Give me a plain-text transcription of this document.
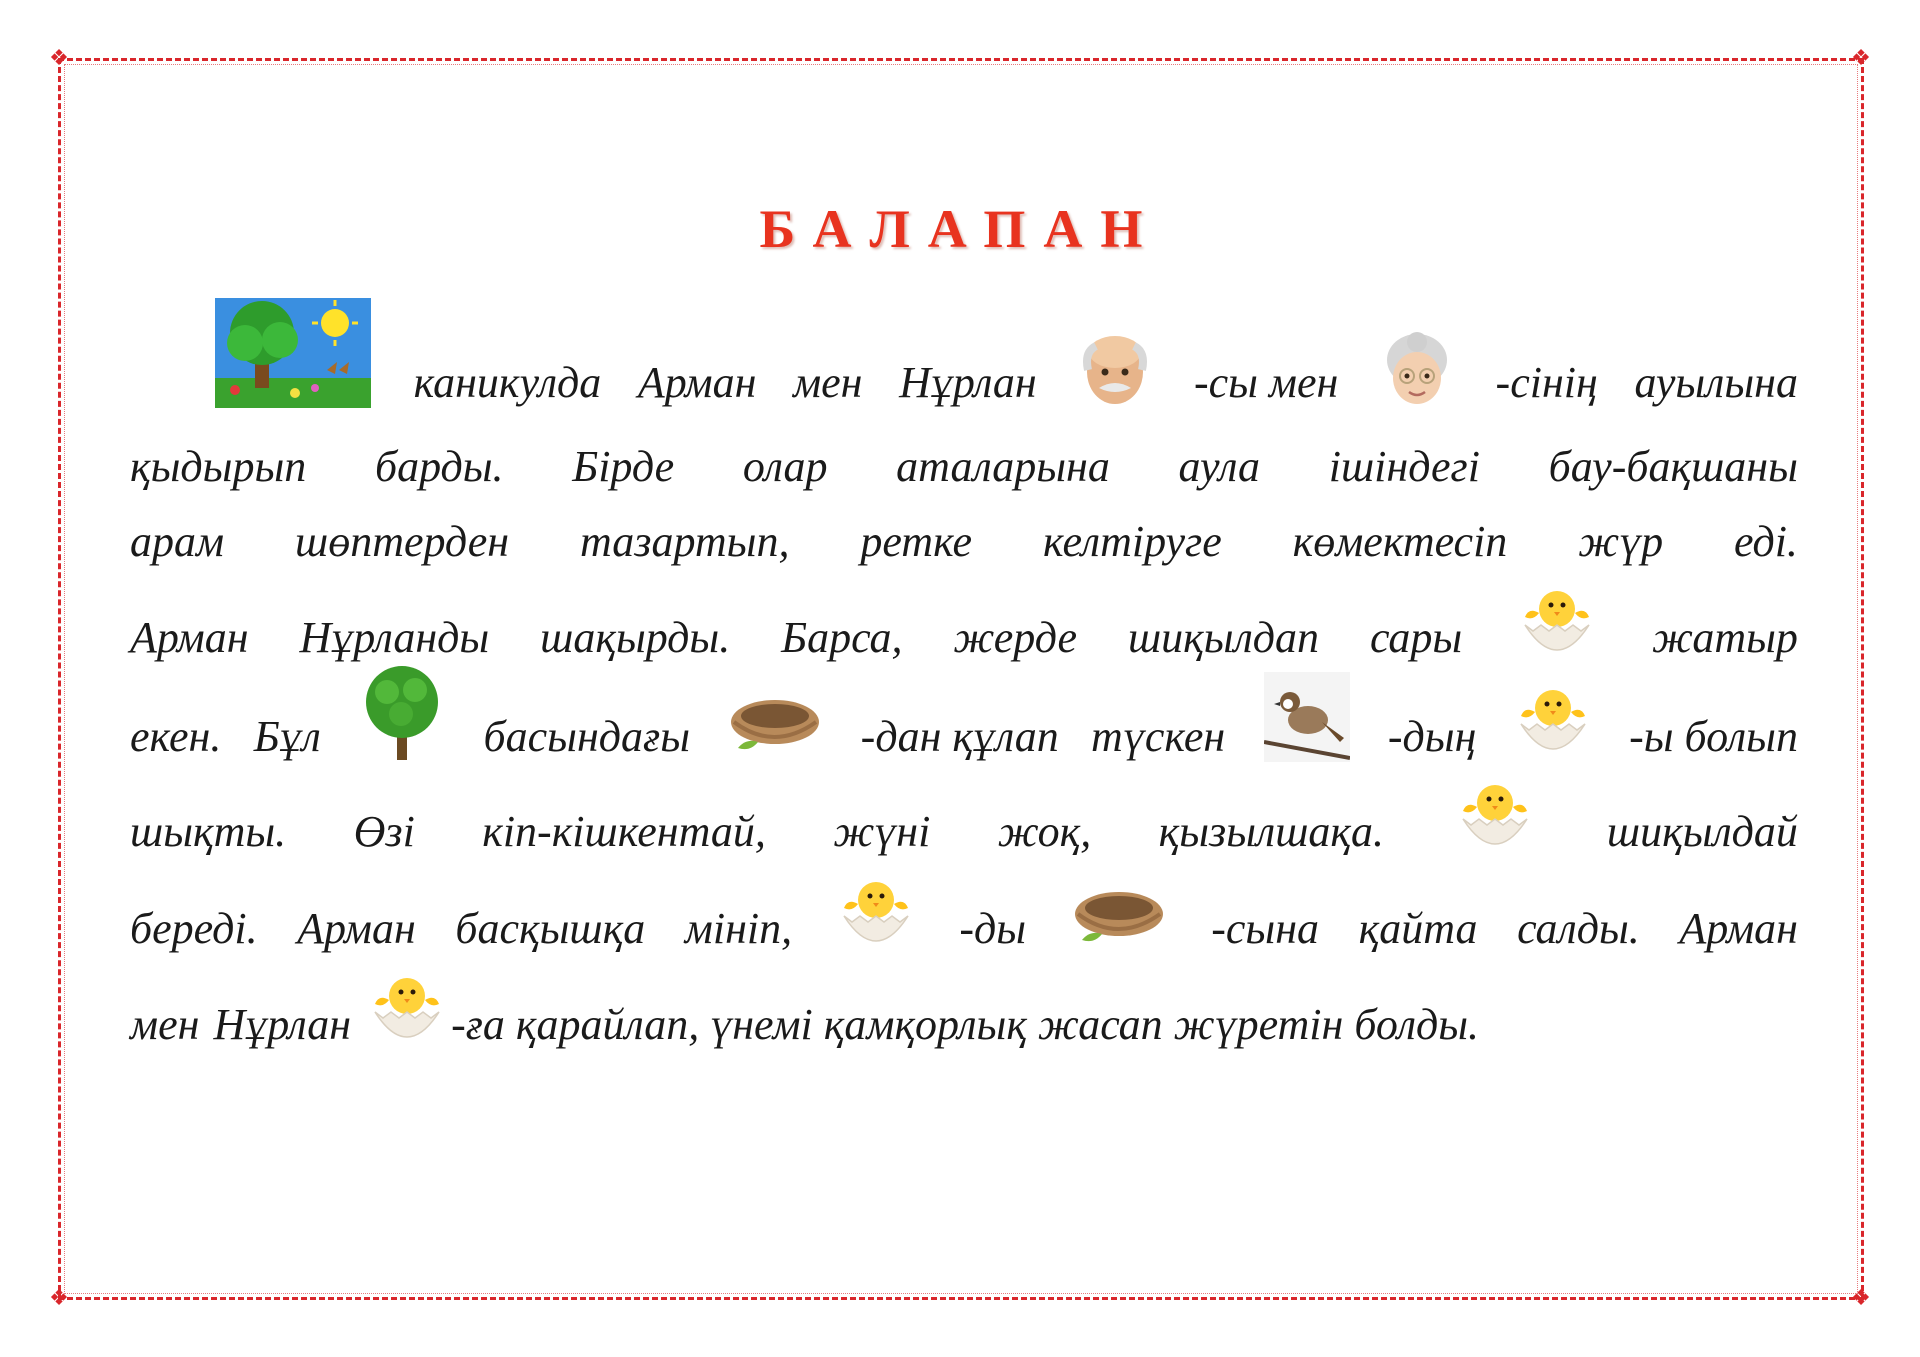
❖	❖
❖	❖
БАЛАПАН
каникулда Арман мен Нұрлан	-сы мен	-сінің ауылына
қыдырып барды. Бірде олар аталарына аула ішіндегі бау-бақшаны
арам шөптерден тазартып, ретке келтіруге көмектесіп жүр еді.
Арман Нұрланды шақырды. Барса, жерде шиқылдап сары	жатыр
екен. Бұл	басындағы	-дан құлап түскен	-дың	-ы болып
шықты. Өзі кіп-кішкентай, жүні жоқ, қызылшақа.	шиқылдай
береді. Арман басқышқа мініп,	-ды	-сына қайта салды. Арман
мен Нұрлан -ға қарайлап, үнемі қамқорлық жасап жүретін болды.
